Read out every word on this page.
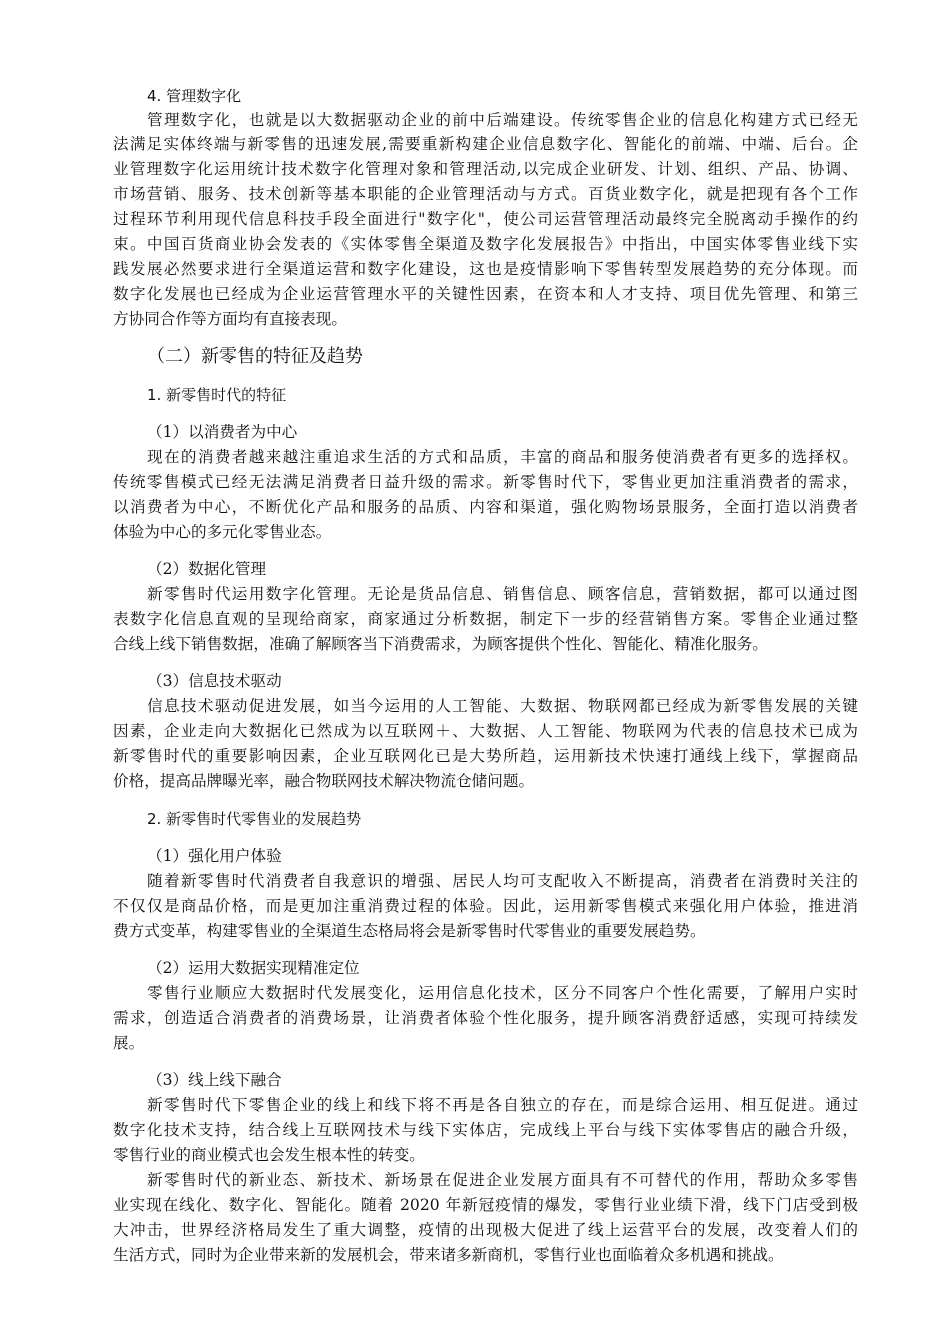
4. 管理数字化
管理数字化，也就是以大数据驱动企业的前中后端建设。传统零售企业的信息化构建方式已经无
法满足实体终端与新零售的迅速发展,需要重新构建企业信息数字化、智能化的前端、中端、后台。企
业管理数字化运用统计技术数字化管理对象和管理活动,以完成企业研发、计划、组织、产品、协调、
市场营销、服务、技术创新等基本职能的企业管理活动与方式。百货业数字化，就是把现有各个工作
过程环节利用现代信息科技手段全面进行"数字化"，使公司运营管理活动最终完全脱离动手操作的约
束。中国百货商业协会发表的《实体零售全渠道及数字化发展报告》中指出，中国实体零售业线下实
践发展必然要求进行全渠道运营和数字化建设，这也是疫情影响下零售转型发展趋势的充分体现。而
数字化发展也已经成为企业运营管理水平的关键性因素，在资本和人才支持、项目优先管理、和第三
方协同合作等方面均有直接表现。
（二）新零售的特征及趋势
1. 新零售时代的特征
（1）以消费者为中心
现在的消费者越来越注重追求生活的方式和品质，丰富的商品和服务使消费者有更多的选择权。
传统零售模式已经无法满足消费者日益升级的需求。新零售时代下，零售业更加注重消费者的需求，
以消费者为中心，不断优化产品和服务的品质、内容和渠道，强化购物场景服务，全面打造以消费者
体验为中心的多元化零售业态。
（2）数据化管理
新零售时代运用数字化管理。无论是货品信息、销售信息、顾客信息，营销数据，都可以通过图
表数字化信息直观的呈现给商家，商家通过分析数据，制定下一步的经营销售方案。零售企业通过整
合线上线下销售数据，准确了解顾客当下消费需求，为顾客提供个性化、智能化、精准化服务。
（3）信息技术驱动
信息技术驱动促进发展，如当今运用的人工智能、大数据、物联网都已经成为新零售发展的关键
因素，企业走向大数据化已然成为以互联网＋、大数据、人工智能、物联网为代表的信息技术已成为
新零售时代的重要影响因素，企业互联网化已是大势所趋，运用新技术快速打通线上线下，掌握商品
价格，提高品牌曝光率，融合物联网技术解决物流仓储问题。
2. 新零售时代零售业的发展趋势
（1）强化用户体验
随着新零售时代消费者自我意识的增强、居民人均可支配收入不断提高，消费者在消费时关注的
不仅仅是商品价格，而是更加注重消费过程的体验。因此，运用新零售模式来强化用户体验，推进消
费方式变革，构建零售业的全渠道生态格局将会是新零售时代零售业的重要发展趋势。
（2）运用大数据实现精准定位
零售行业顺应大数据时代发展变化，运用信息化技术，区分不同客户个性化需要，了解用户实时
需求，创造适合消费者的消费场景，让消费者体验个性化服务，提升顾客消费舒适感，实现可持续发
展。
（3）线上线下融合
新零售时代下零售企业的线上和线下将不再是各自独立的存在，而是综合运用、相互促进。通过
数字化技术支持，结合线上互联网技术与线下实体店，完成线上平台与线下实体零售店的融合升级，
零售行业的商业模式也会发生根本性的转变。
新零售时代的新业态、新技术、新场景在促进企业发展方面具有不可替代的作用，帮助众多零售
业实现在线化、数字化、智能化。随着 2020 年新冠疫情的爆发，零售行业业绩下滑，线下门店受到极
大冲击，世界经济格局发生了重大调整，疫情的出现极大促进了线上运营平台的发展，改变着人们的
生活方式，同时为企业带来新的发展机会，带来诸多新商机，零售行业也面临着众多机遇和挑战。
